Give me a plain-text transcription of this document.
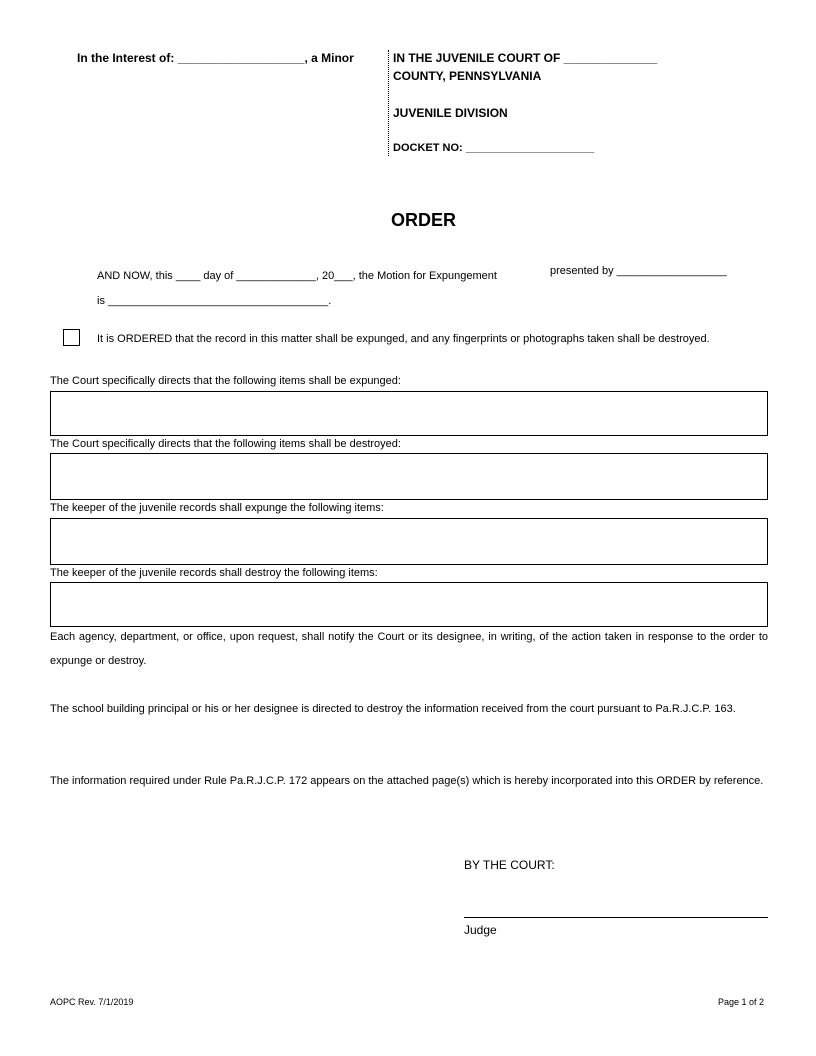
In the Interest of: ___________________, a Minor	IN THE JUVENILE COURT OF ______________
COUNTY, PENNSYLVANIA
JUVENILE DIVISION
DOCKET NO: _____________________
ORDER
AND NOW, this ____ day of _____________, 20___, the Motion for Expungement	presented by __________________
is ____________________________________.
It is ORDERED that the record in this matter shall be expunged, and any fingerprints or photographs taken shall be destroyed.
The Court specifically directs that the following items shall be expunged:
The Court specifically directs that the following items shall be destroyed:
The keeper of the juvenile records shall expunge the following items:
The keeper of the juvenile records shall destroy the following items:
Each agency, department, or office, upon request, shall notify the Court or its designee, in writing, of the action taken in response to the order to expunge or destroy.
The school building principal or his or her designee is directed to destroy the information received from the court pursuant to Pa.R.J.C.P. 163.
The information required under Rule Pa.R.J.C.P. 172 appears on the attached page(s) which is hereby incorporated into this ORDER by reference.
BY THE COURT:
Judge
AOPC Rev. 7/1/2019	Page 1 of 2
